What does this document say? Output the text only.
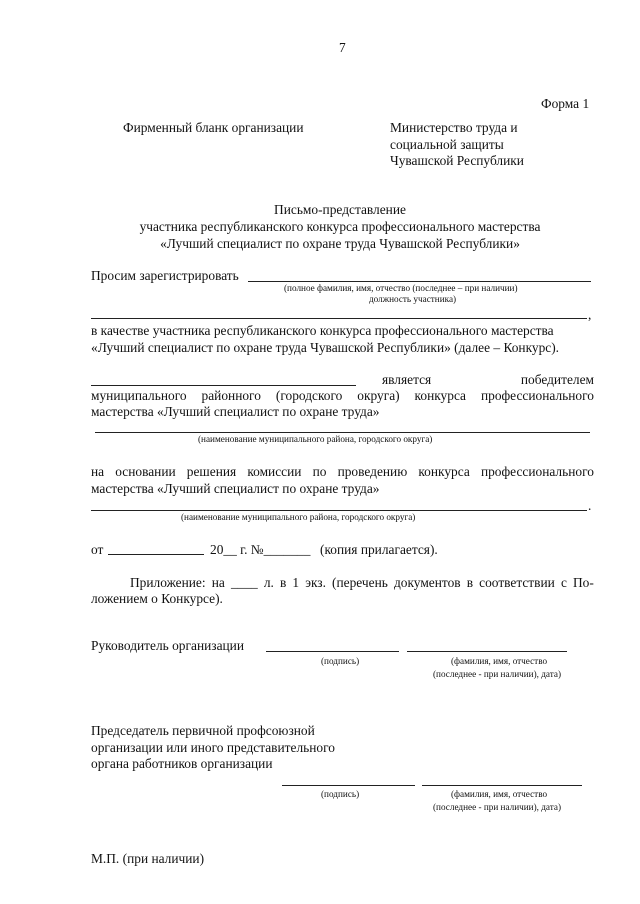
7
Форма 1
Фирменный бланк организации	Министерство труда и
социальной защиты
Чувашской Республики
Письмо-представление
участника республиканского конкурса профессионального мастерства
«Лучший специалист по охране труда Чувашской Республики»
Просим зарегистрировать
(полное фамилия, имя, отчество (последнее – при наличии)
должность участника)
,
в качестве участника республиканского конкурса профессионального мастерства
«Лучший специалист по охране труда Чувашской Республики» (далее – Конкурс).
является	победителем
муниципального районного (городского округа) конкурса профессионального
мастерства «Лучший специалист по охране труда»
(наименование муниципального района, городского округа)
на основании решения комиссии по проведению конкурса профессионального
мастерства «Лучший специалист по охране труда»
.
(наименование муниципального района, городского округа)
от	20__ г. №_______ (копия прилагается).
Приложение: на ____ л. в 1 экз. (перечень документов в соответствии с По-
ложением о Конкурсе).
Руководитель организации
(подпись)	(фамилия, имя, отчество
(последнее - при наличии), дата)
Председатель первичной профсоюзной
организации или иного представительного
органа работников организации
(подпись)	(фамилия, имя, отчество
(последнее - при наличии), дата)
М.П. (при наличии)
